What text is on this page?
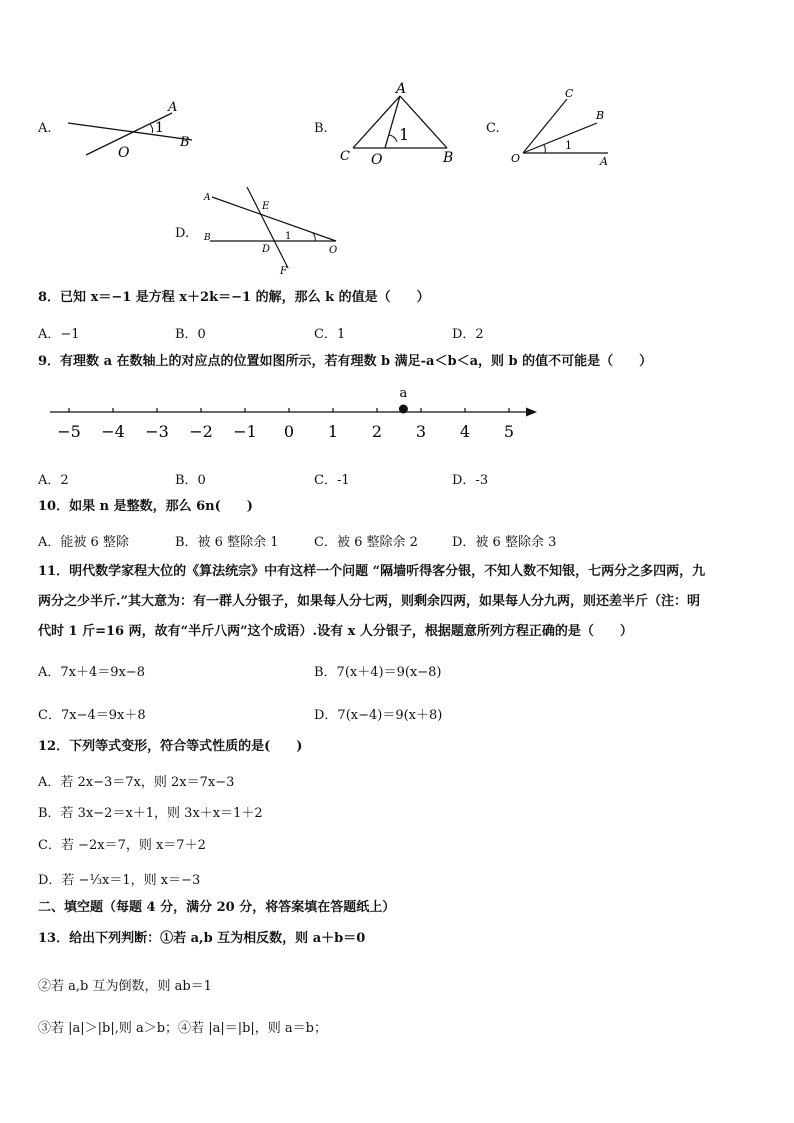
A.
A
1
O
B
B.
A
1
C O	B
C.
C
B
1
O	A
D.
A
E
B	1
D	O
F
8．已知 x＝−1 是方程 x＋2k＝−1 的解，那么 k 的值是（　　）
A．−1	B．0	C．1	D．2
9．有理数 a 在数轴上的对应点的位置如图所示，若有理数 b 满足-a＜b＜a，则 b 的值不可能是（　　）
−5 −4 −3 −2 −1 0 1 2 3 4 5
a
A．2	B．0	C．-1	D．-3
10．如果 n 是整数，那么 6n(　　)
A．能被 6 整除	B．被 6 整除余 1	C．被 6 整除余 2	D．被 6 整除余 3
11．明代数学家程大位的《算法统宗》中有这样一个问题 “隔墙听得客分银，不知人数不知银，七两分之多四两，九
两分之少半斤.”其大意为：有一群人分银子，如果每人分七两，则剩余四两，如果每人分九两，则还差半斤（注：明
代时 1 斤=16 两，故有“半斤八两”这个成语）.设有 x 人分银子，根据题意所列方程正确的是（　　）
A．7x＋4＝9x−8	B．7(x＋4)＝9(x−8)
C．7x−4＝9x＋8	D．7(x−4)＝9(x＋8)
12．下列等式变形，符合等式性质的是(　　)
A．若 2x−3＝7x，则 2x＝7x−3
B．若 3x−2＝x＋1，则 3x＋x＝1＋2
C．若 −2x＝7，则 x＝7＋2
D．若 −⅓x＝1，则 x＝−3
二、填空题（每题 4 分，满分 20 分，将答案填在答题纸上）
13．给出下列判断：①若 a,b 互为相反数，则 a＋b＝0
②若 a,b 互为倒数，则 ab＝1
③若 |a|＞|b|,则 a＞b；④若 |a|＝|b|，则 a＝b；
